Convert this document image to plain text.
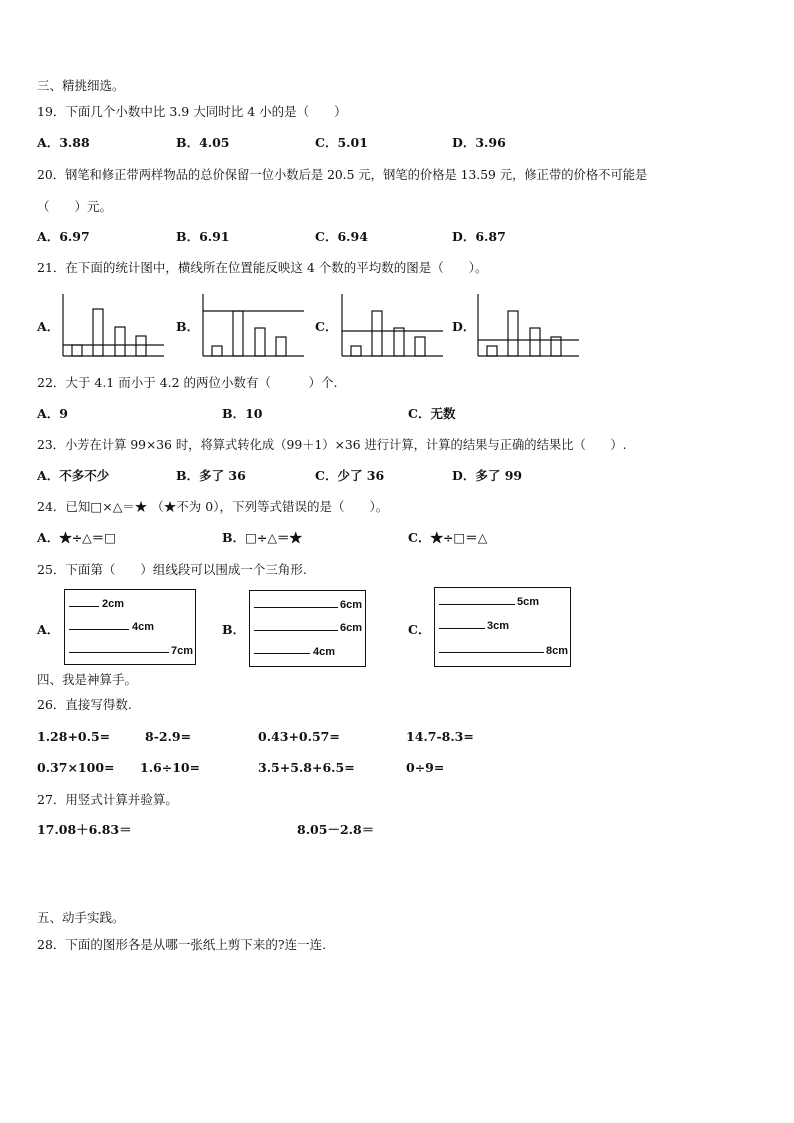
三、精挑细选。
19．下面几个小数中比 3.9 大同时比 4 小的是（　　）
A．3.88	B．4.05	C．5.01	D．3.96
20．钢笔和修正带两样物品的总价保留一位小数后是 20.5 元，钢笔的价格是 13.59 元，修正带的价格不可能是
（　　）元。
A．6.97	B．6.91	C．6.94	D．6.87
21．在下面的统计图中，横线所在位置能反映这 4 个数的平均数的图是（　　）。
A．	B．	C．	D．
22．大于 4.1 而小于 4.2 的两位小数有（　　　）个.
A．9	B．10	C．无数
23．小芳在计算 99×36 时，将算式转化成（99＋1）×36 进行计算，计算的结果与正确的结果比（　　）.
A．不多不少	B．多了 36	C．少了 36	D．多了 99
24．已知□×△＝★ （★不为 0），下列等式错误的是（　　）。
A．★÷△＝□	B．□÷△＝★	C．★÷□＝△
25．下面第（　　）组线段可以围成一个三角形.
A．
2cm
4cm
7cm
B．
6cm
6cm
4cm
C．
5cm
3cm
8cm
四、我是神算手。
26．直接写得数.
1.28+0.5=	8-2.9=	0.43+0.57=	14.7-8.3=
0.37×100= 1.6÷10=	3.5+5.8+6.5=	0÷9=
27．用竖式计算并验算。
17.08＋6.83＝	8.05－2.8＝
五、动手实践。
28．下面的图形各是从哪一张纸上剪下来的?连一连.
